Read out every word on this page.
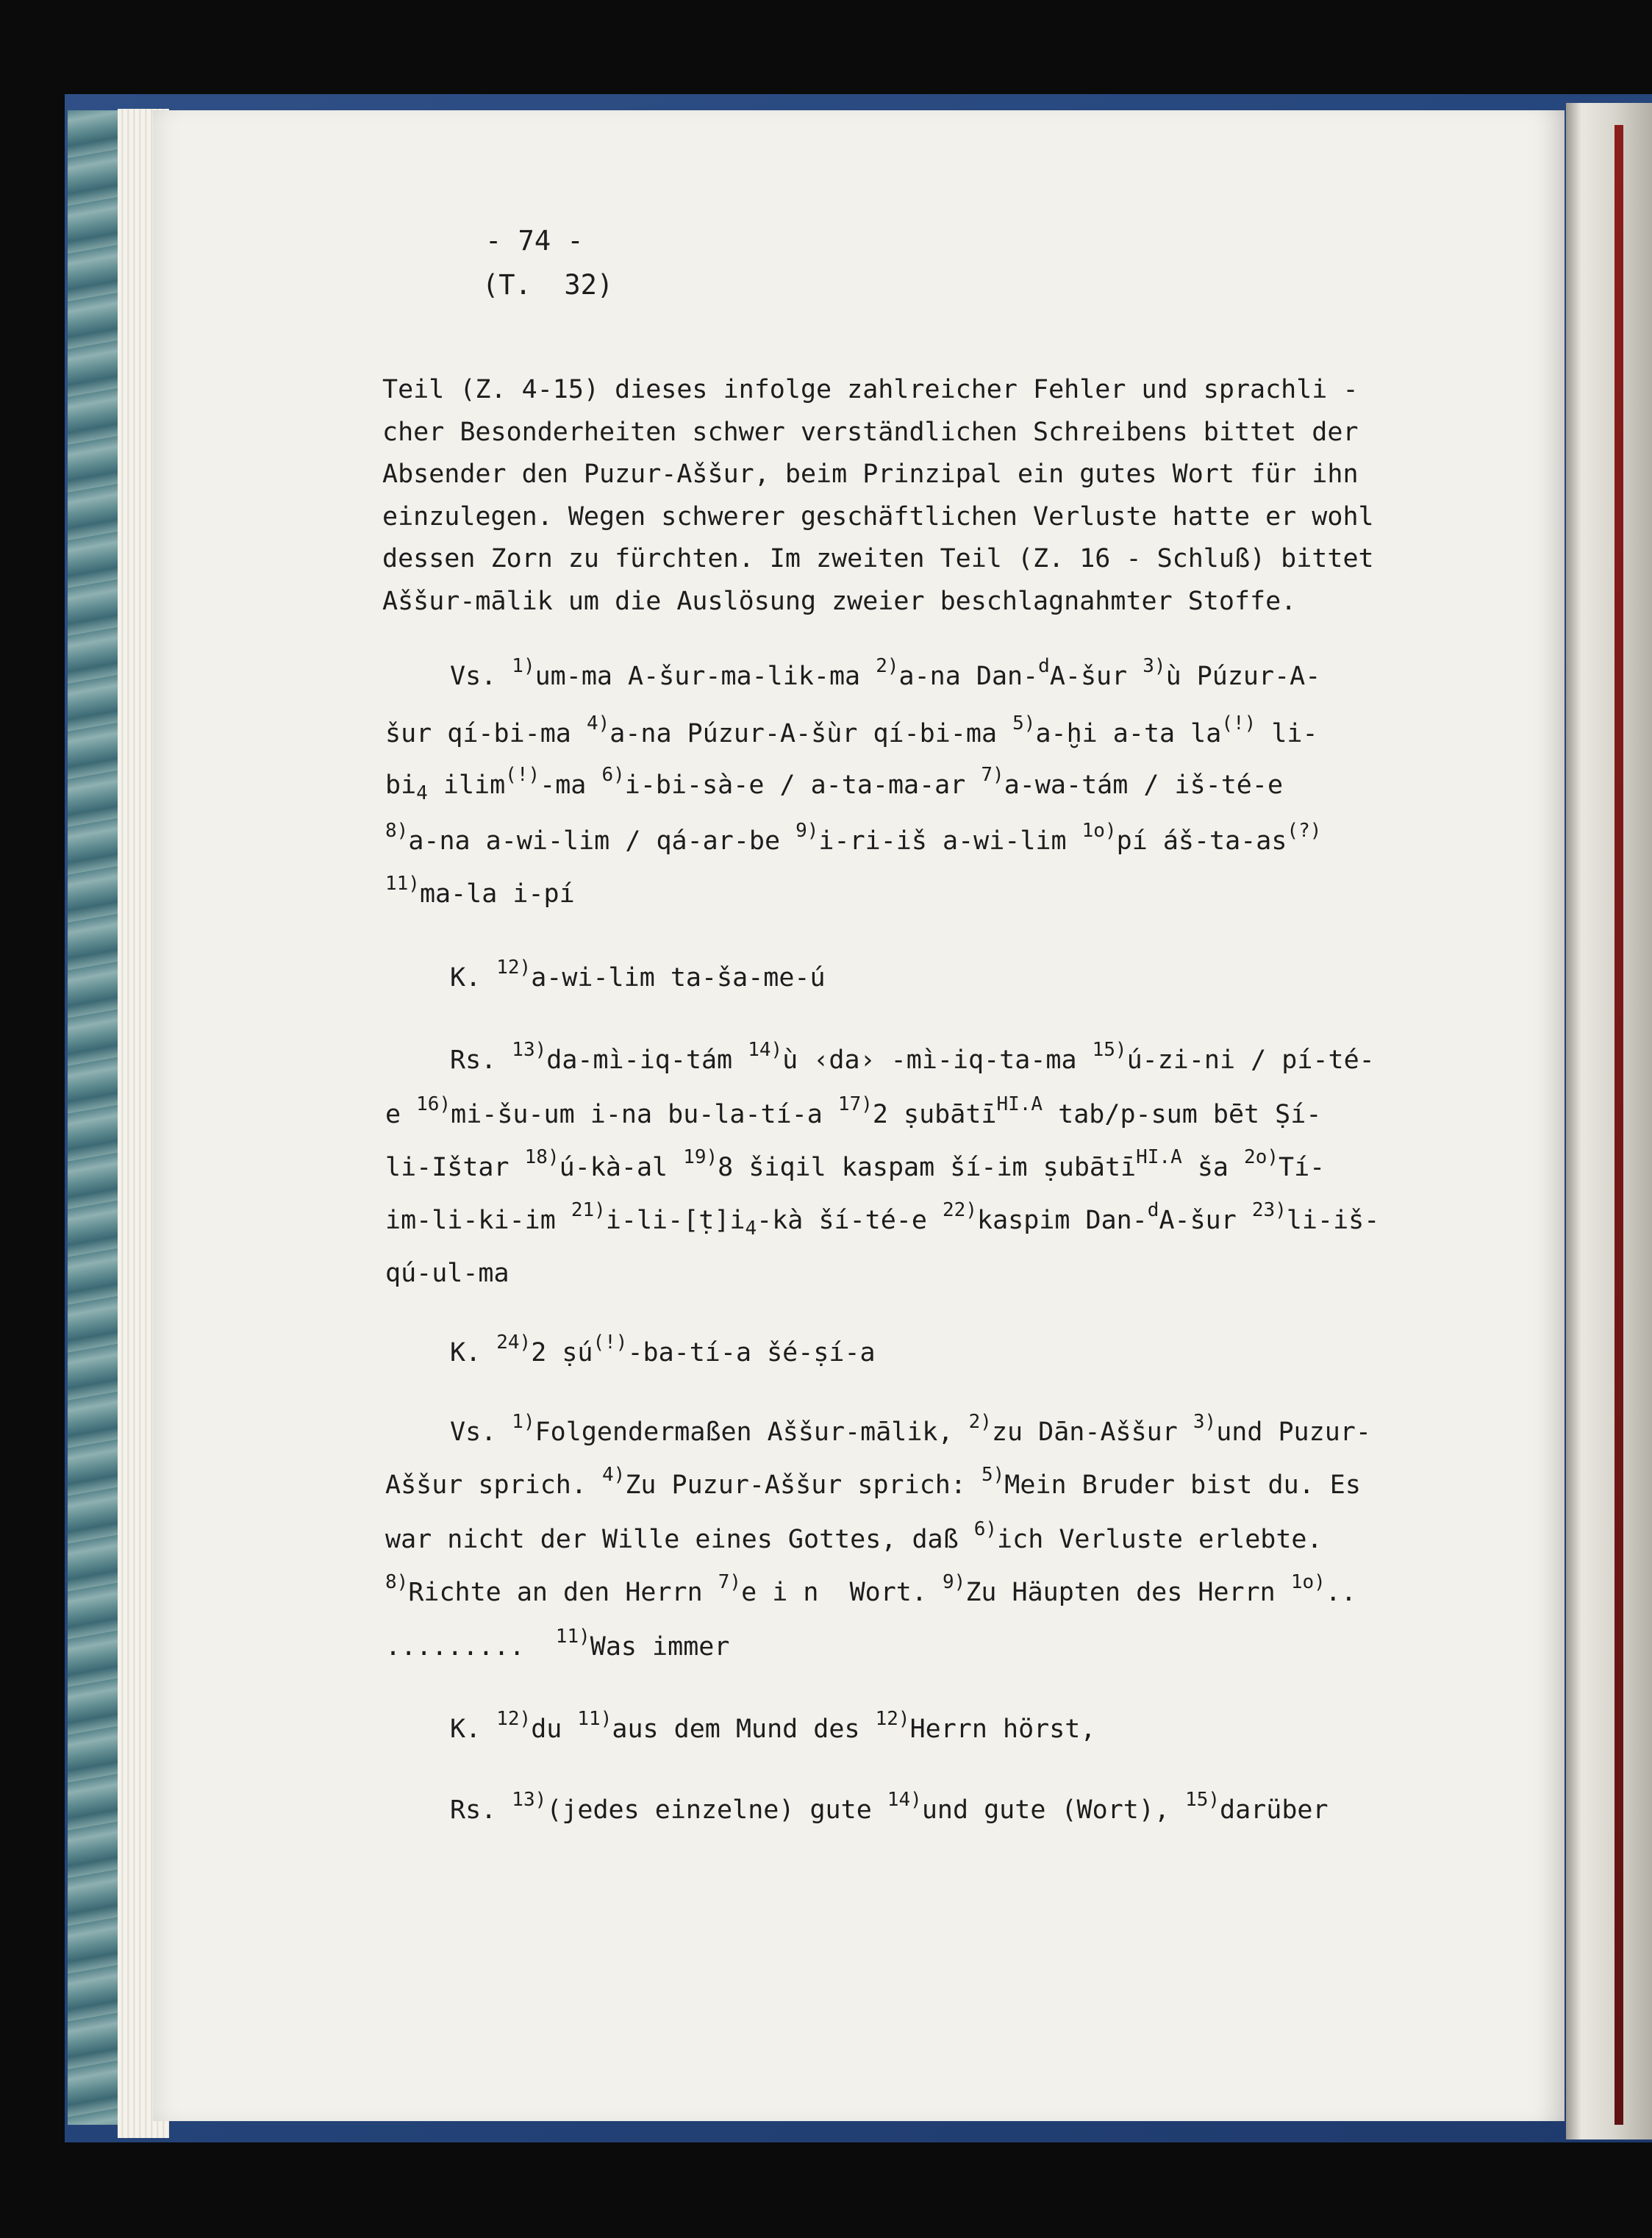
- 74 -
(T.  32)
Teil (Z. 4-15) dieses infolge zahlreicher Fehler und sprachli -
cher Besonderheiten schwer verständlichen Schreibens bittet der
Absender den Puzur-Aššur, beim Prinzipal ein gutes Wort für ihn
einzulegen. Wegen schwerer geschäftlichen Verluste hatte er wohl
dessen Zorn zu fürchten. Im zweiten Teil (Z. 16 - Schluß) bittet
Aššur-mālik um die Auslösung zweier beschlagnahmter Stoffe.
Vs. $^{1)}$um-ma A-šur-ma-lik-ma $^{2)}$a-na Dan-$^d$A-šur $^{3)}$ù Púzur-A-
šur qí-bi-ma $^{4)}$a-na Púzur-A-šùr qí-bi-ma $^{5)}$a-ḫi a-ta la(!) li-
$bi_4$ ilim(!)-ma $^{6)}$i-bi-sà-e / a-ta-ma-ar $^{7)}$a-wa-tám / iš-té-e
$^{8)}$a-na a-wi-lim / qá-ar-be $^{9)}$i-ri-iš a-wi-lim $^{1o)}$pí áš-ta-as(?)
$^{11)}$ma-la i-pí
K. $^{12)}$a-wi-lim ta-ša-me-ú
Rs. $^{13)}$da-mì-iq-tám $^{14)}$ù ‹da› -mì-iq-ta-ma $^{15)}$ú-zi-ni / pí-té-
e $^{16)}$mi-šu-um i-na bu-la-tí-a $^{17)}$2 ṣubātī$^{HI.A}$ tab/p-sum bēt Ṣí-
li-Ištar $^{18)}$ú-kà-al $^{19)}$8 šiqil kaspam ší-im ṣubātī$^{HI.A}$ ša $^{2o)}$Tí-
im-li-ki-im $^{21)}i-li-[ṭ]i_4-kà$ ší-té-e $^{22)}$kaspim Dan-$^d$A-šur $^{23)}$li-iš-
qú-ul-ma
K. $^{24)}$2 ṣú(!)-ba-tí-a šé-ṣí-a
Vs. $^{1)}$Folgendermaßen Aššur-mālik, $^{2)}$zu Dān-Aššur $^{3)}$und Puzur-
Aššur sprich. $^{4)}$Zu Puzur-Aššur sprich: $^{5)}$Mein Bruder bist du. Es
war nicht der Wille eines Gottes, daß $^{6)}$ich Verluste erlebte.
$^{8)}$Richte an den Herrn $^{7)}$e i n  Wort. $^{9)}$Zu Häupten des Herrn $^{1o)}$..
.........  $^{11)}$Was immer
K. $^{12)}$du $^{11)}$aus dem Mund des $^{12)}$Herrn hörst,
Rs. $^{13)}$(jedes einzelne) gute $^{14)}$und gute (Wort), $^{15)}$darüber
